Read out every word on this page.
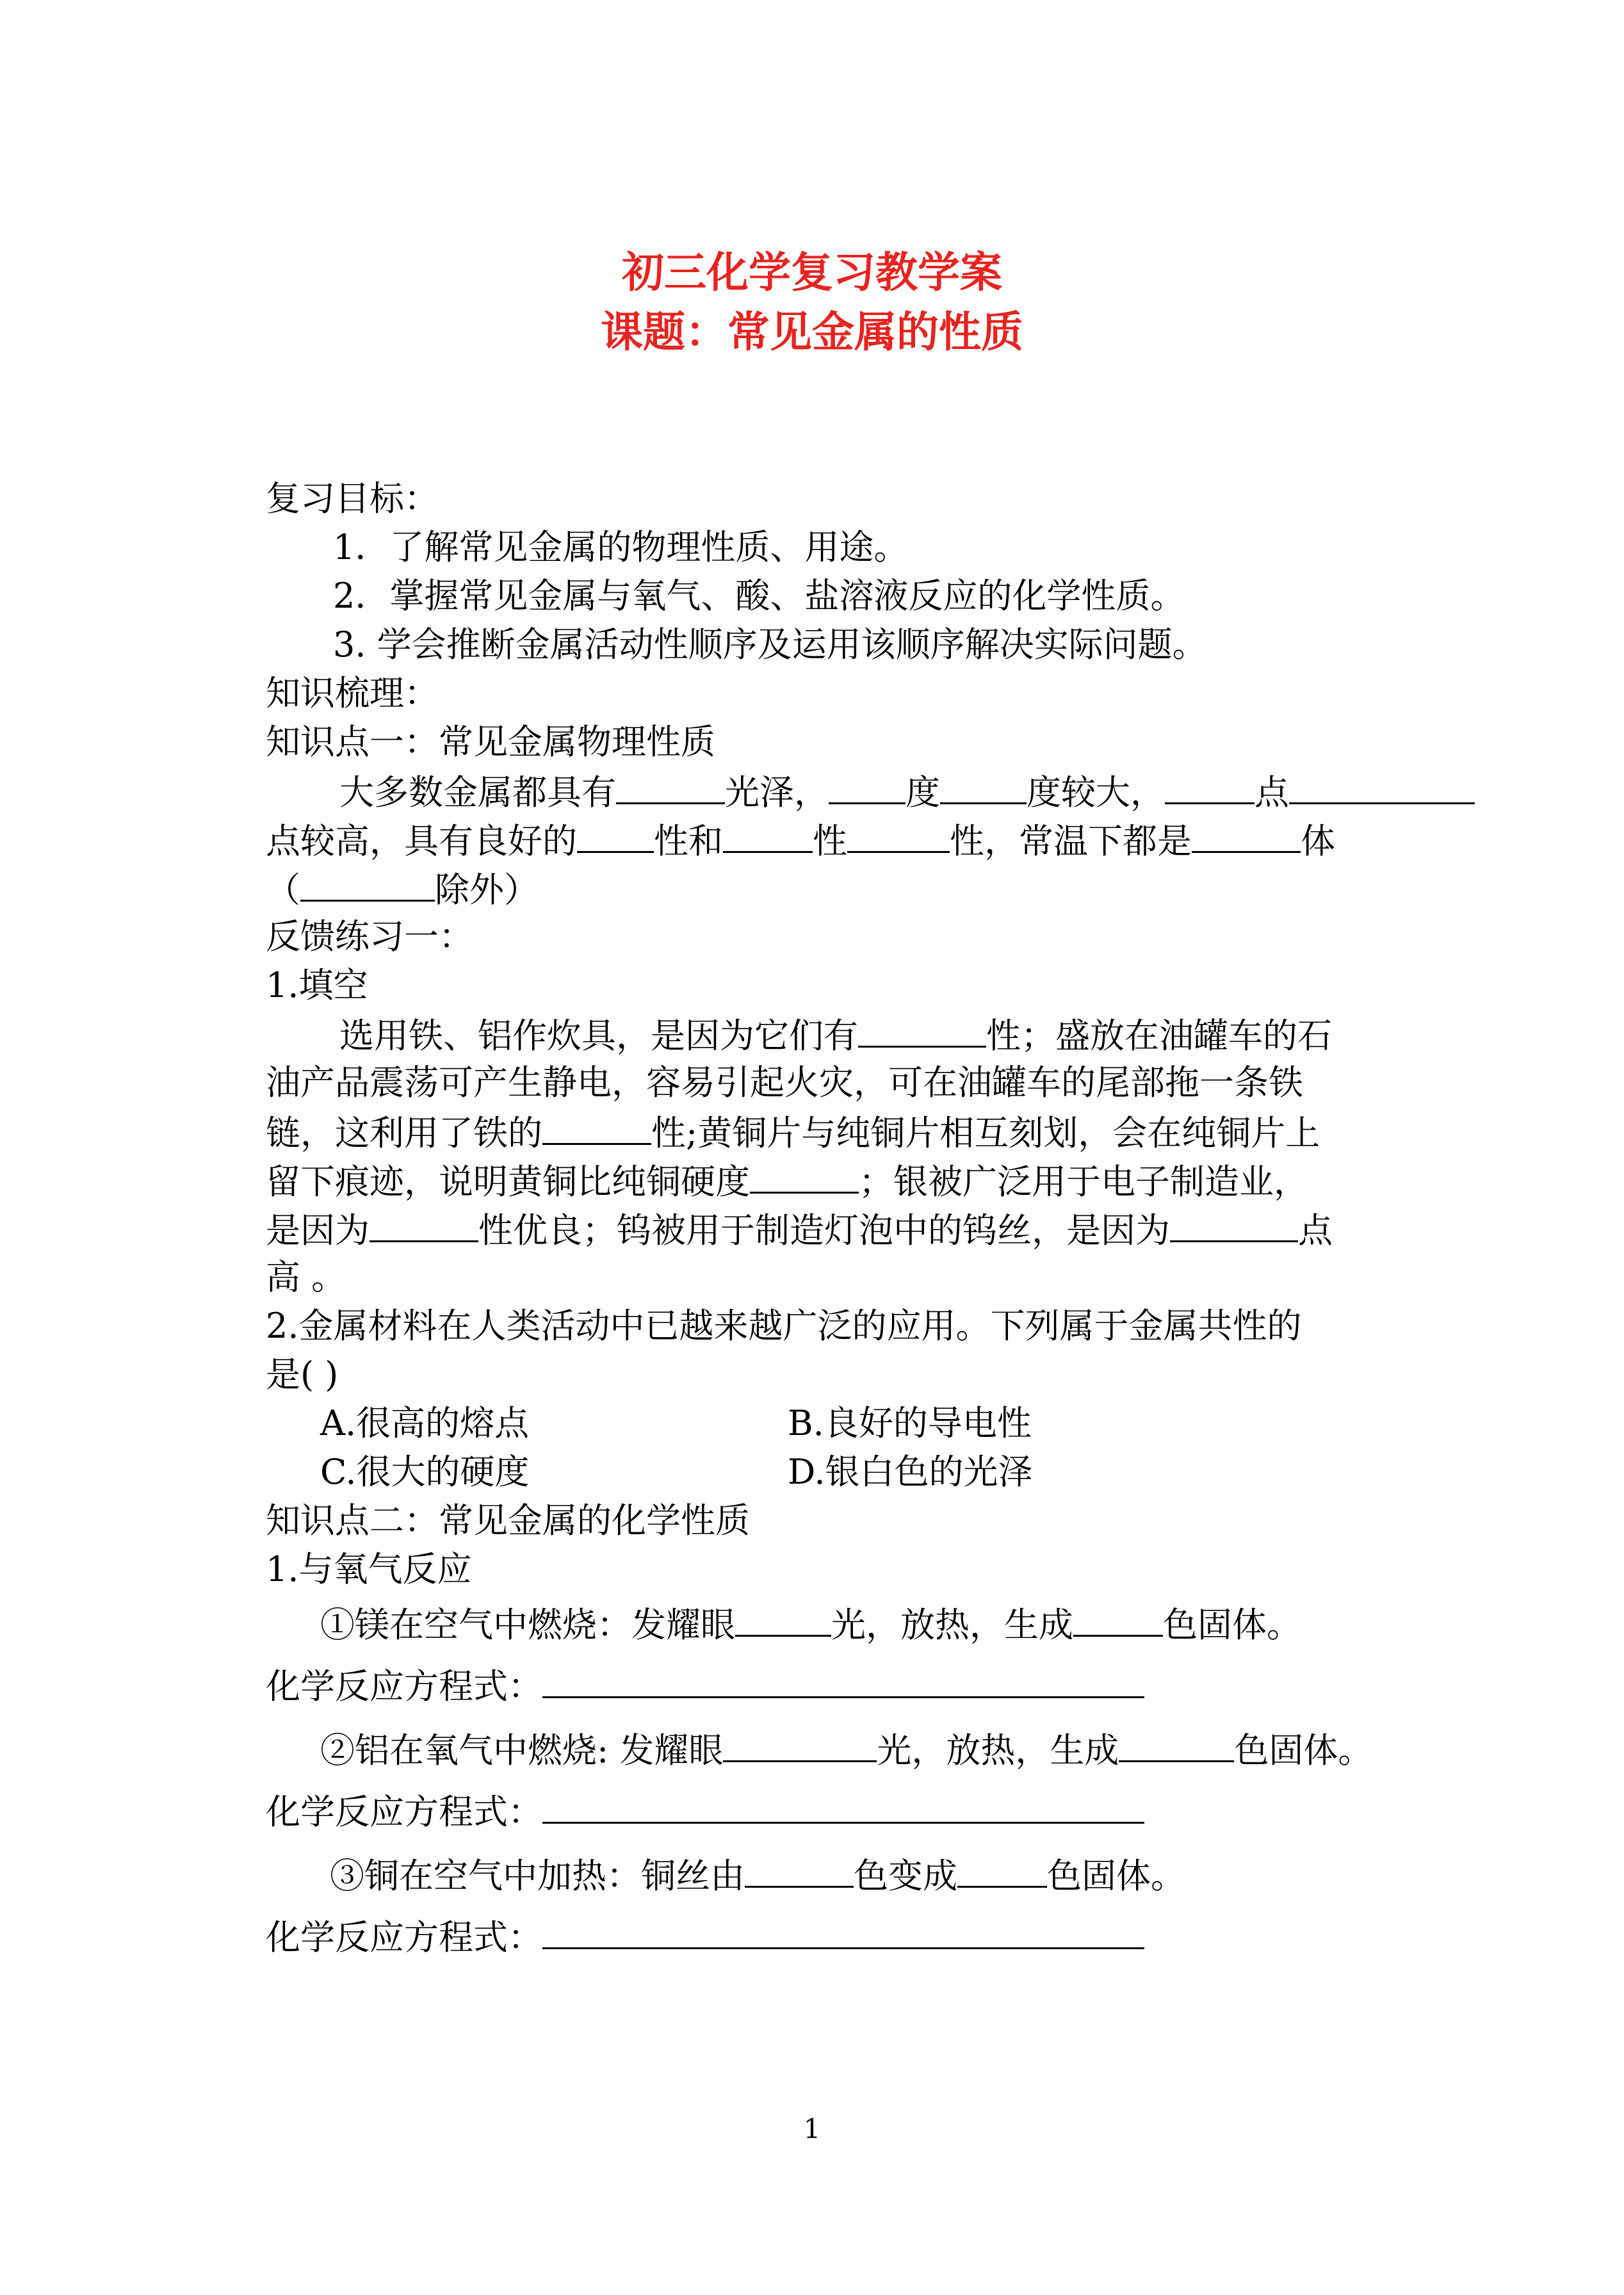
初三化学复习教学案
课题：常见金属的性质
复习目标：
1．了解常见金属的物理性质、用途。
2．掌握常见金属与氧气、酸、盐溶液反应的化学性质。
3. 学会推断金属活动性顺序及运用该顺序解决实际问题。
知识梳理：
知识点一：常见金属物理性质
大多数金属都具有	光泽， 度	度较大，	点
点较高，具有良好的 性和	性	性，常温下都是	体
（	除外）
反馈练习一：
1.填空
选用铁、铝作炊具，是因为它们有	性；盛放在油罐车的石
油产品震荡可产生静电，容易引起火灾，可在油罐车的尾部拖一条铁
链，这利用了铁的	性;黄铜片与纯铜片相互刻划，会在纯铜片上
留下痕迹，说明黄铜比纯铜硬度	；银被广泛用于电子制造业，
是因为	性优良；钨被用于制造灯泡中的钨丝，是因为	点
高 。
2.金属材料在人类活动中已越来越广泛的应用。下列属于金属共性的
是( )
A.很高的熔点	B.良好的导电性
C.很大的硬度	D.银白色的光泽
知识点二：常见金属的化学性质
1.与氧气反应
①镁在空气中燃烧：发耀眼	光，放热，生成	色固体。
化学反应方程式：
②铝在氧气中燃烧: 发耀眼	光，放热，生成	色固体。
化学反应方程式：
③铜在空气中加热：铜丝由	色变成	色固体。
化学反应方程式：
1
